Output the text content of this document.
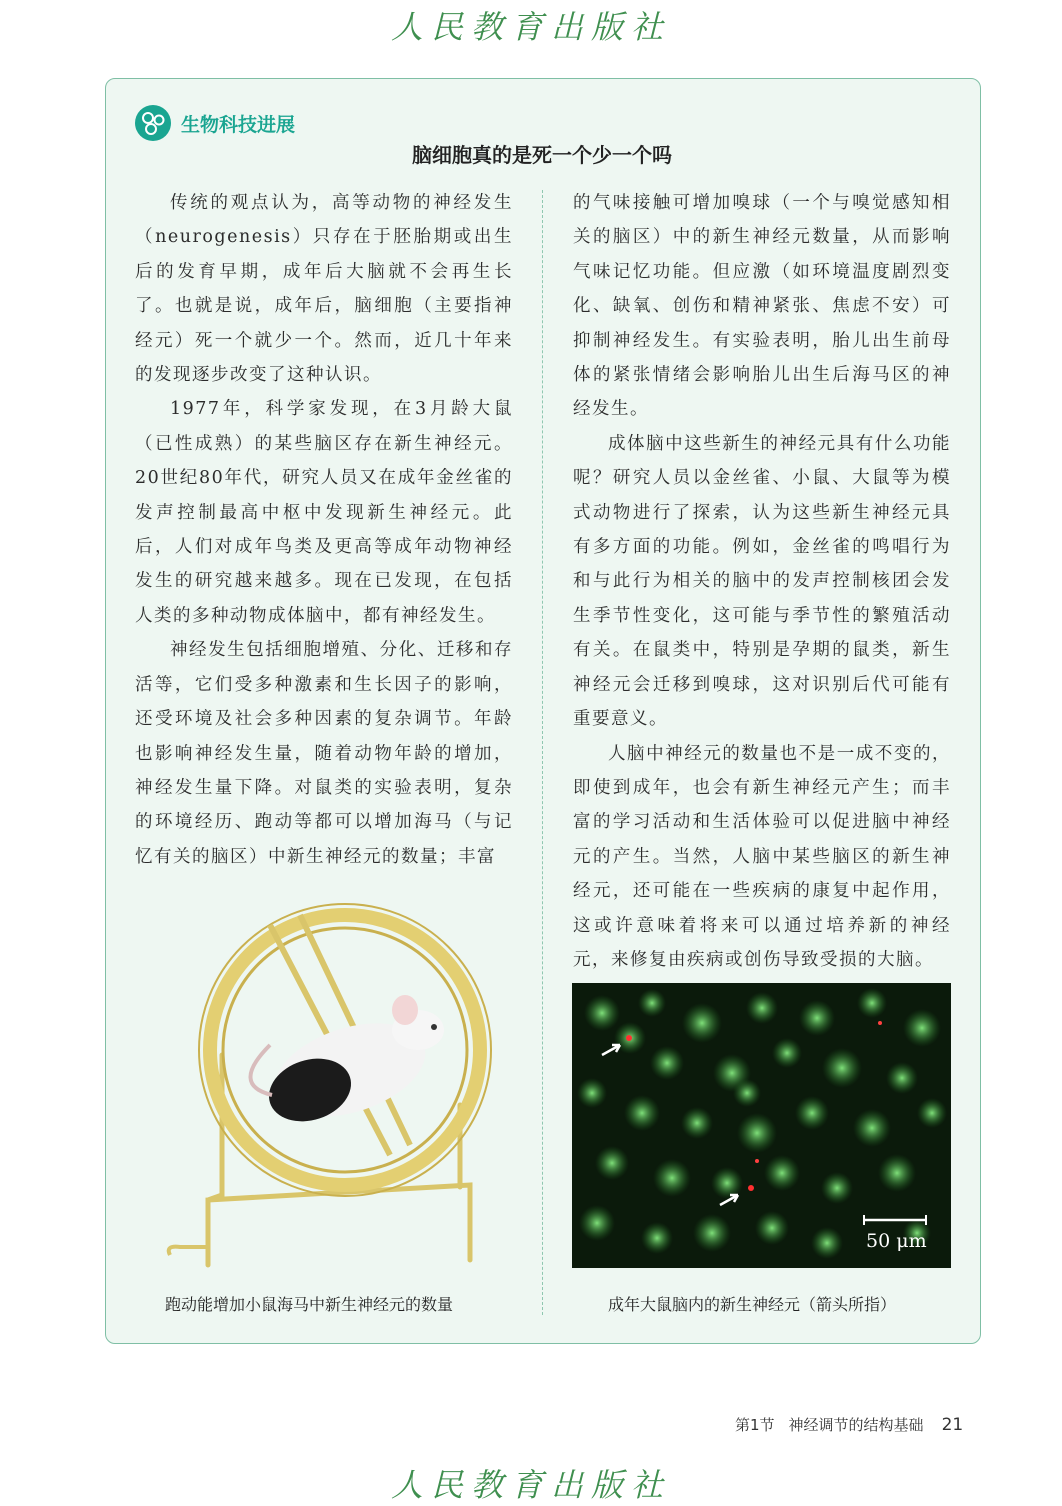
人民教育出版社
生物科技进展
脑细胞真的是死一个少一个吗

传统的观点认为，高等动物的神经发生（neurogenesis）只存在于胚胎期或出生后的发育早期，成年后大脑就不会再生长了。也就是说，成年后，脑细胞（主要指神经元）死一个就少一个。然而，近几十年来的发现逐步改变了这种认识。

1977年，科学家发现，在3月龄大鼠（已性成熟）的某些脑区存在新生神经元。20世纪80年代，研究人员又在成年金丝雀的发声控制最高中枢中发现新生神经元。此后，人们对成年鸟类及更高等成年动物神经发生的研究越来越多。现在已发现，在包括人类的多种动物成体脑中，都有神经发生。

神经发生包括细胞增殖、分化、迁移和存活等，它们受多种激素和生长因子的影响，还受环境及社会多种因素的复杂调节。年龄也影响神经发生量，随着动物年龄的增加，神经发生量下降。对鼠类的实验表明，复杂的环境经历、跑动等都可以增加海马（与记忆有关的脑区）中新生神经元的数量；丰富

的气味接触可增加嗅球（一个与嗅觉感知相关的脑区）中的新生神经元数量，从而影响气味记忆功能。但应激（如环境温度剧烈变化、缺氧、创伤和精神紧张、焦虑不安）可抑制神经发生。有实验表明，胎儿出生前母体的紧张情绪会影响胎儿出生后海马区的神经发生。

成体脑中这些新生的神经元具有什么功能呢？研究人员以金丝雀、小鼠、大鼠等为模式动物进行了探索，认为这些新生神经元具有多方面的功能。例如，金丝雀的鸣唱行为和与此行为相关的脑中的发声控制核团会发生季节性变化，这可能与季节性的繁殖活动有关。在鼠类中，特别是孕期的鼠类，新生神经元会迁移到嗅球，这对识别后代可能有重要意义。

人脑中神经元的数量也不是一成不变的，即使到成年，也会有新生神经元产生；而丰富的学习活动和生活体验可以促进脑中神经元的产生。当然，人脑中某些脑区的新生神经元，还可能在一些疾病的康复中起作用，这或许意味着将来可以通过培养新的神经元，来修复由疾病或创伤导致受损的大脑。

50 μm
跑动能增加小鼠海马中新生神经元的数量	成年大鼠脑内的新生神经元（箭头所指）
第1节 神经调节的结构基础 21
人民教育出版社
